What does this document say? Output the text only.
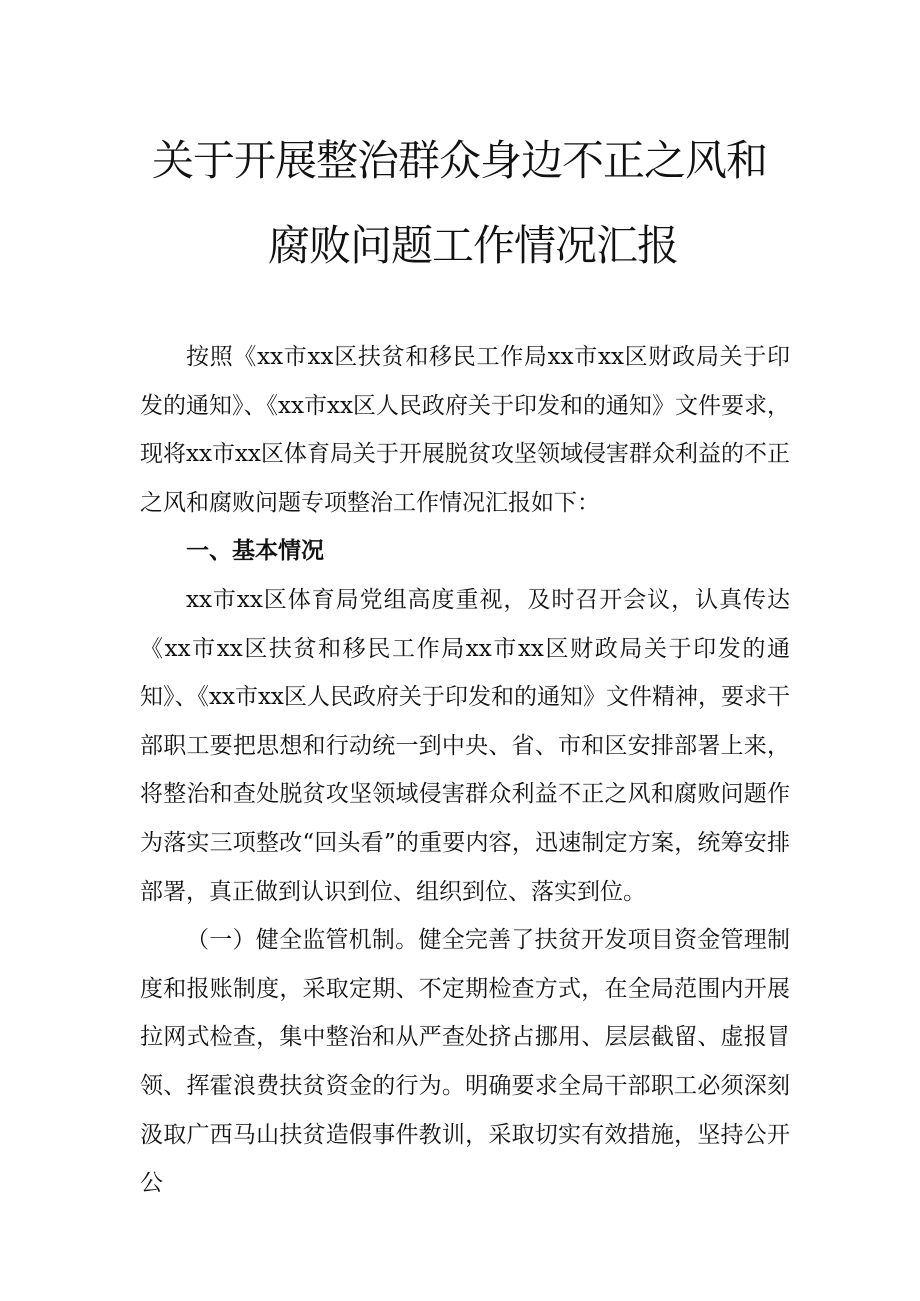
关于开展整治群众身边不正之风和
腐败问题工作情况汇报

按照《xx市xx区扶贫和移民工作局xx市xx区财政局关于印发的通知》、《xx市xx区人民政府关于印发和的通知》文件要求，现将xx市xx区体育局关于开展脱贫攻坚领域侵害群众利益的不正之风和腐败问题专项整治工作情况汇报如下：

一、基本情况

xx市xx区体育局党组高度重视，及时召开会议，认真传达《xx市xx区扶贫和移民工作局xx市xx区财政局关于印发的通知》、《xx市xx区人民政府关于印发和的通知》文件精神，要求干部职工要把思想和行动统一到中央、省、市和区安排部署上来，将整治和查处脱贫攻坚领域侵害群众利益不正之风和腐败问题作为落实三项整改“回头看”的重要内容，迅速制定方案，统筹安排部署，真正做到认识到位、组织到位、落实到位。

（一）健全监管机制。健全完善了扶贫开发项目资金管理制度和报账制度，采取定期、不定期检查方式，在全局范围内开展拉网式检查，集中整治和从严查处挤占挪用、层层截留、虚报冒领、挥霍浪费扶贫资金的行为。明确要求全局干部职工必须深刻汲取广西马山扶贫造假事件教训，采取切实有效措施，坚持公开公
